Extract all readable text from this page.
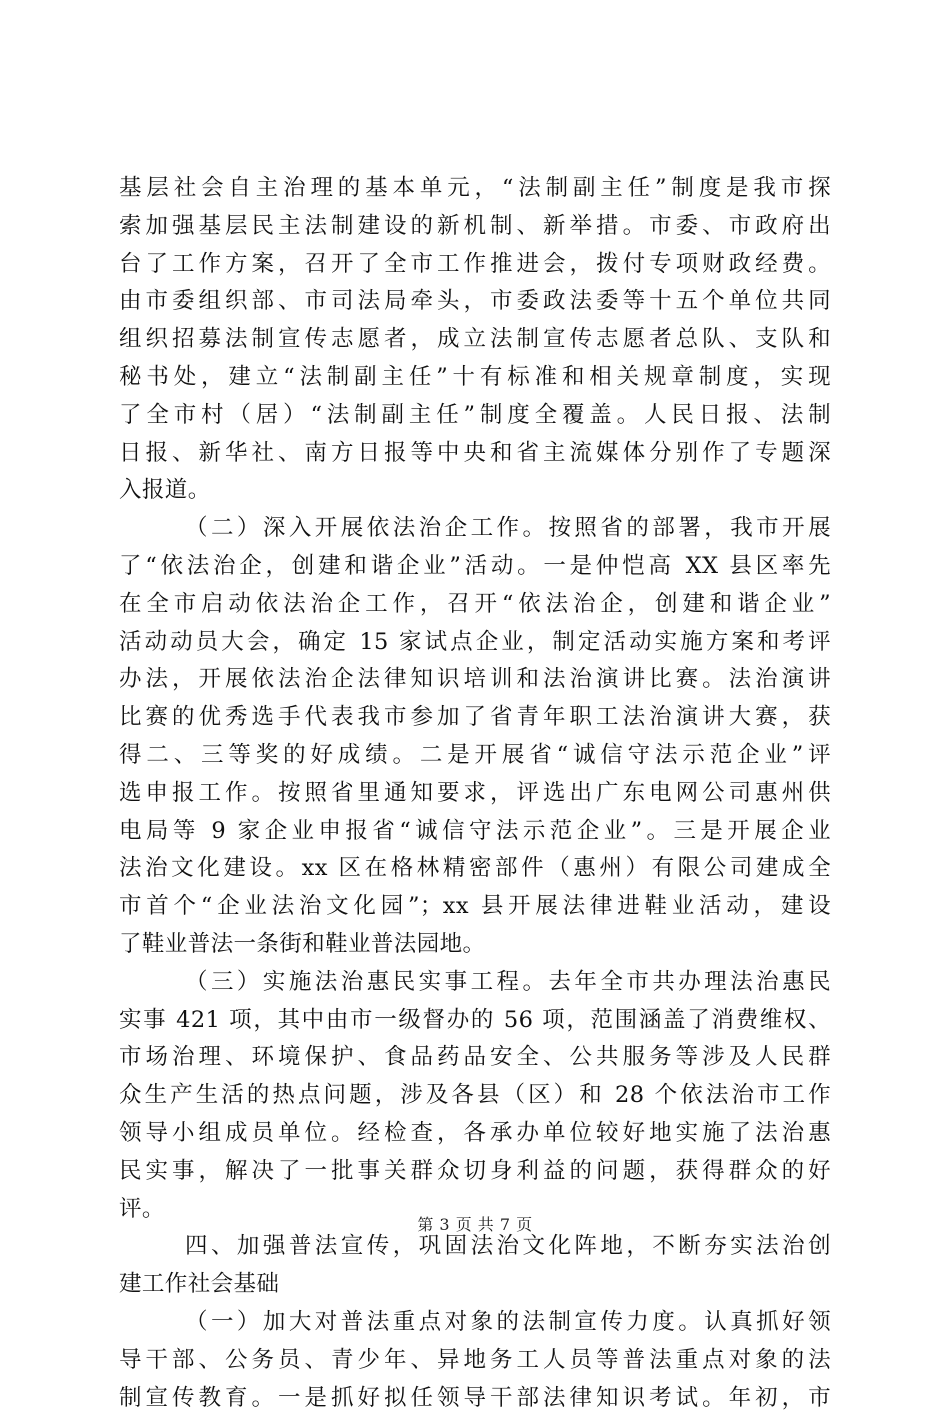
基层社会自主治理的基本单元，“法制副主任”制度是我市探
索加强基层民主法制建设的新机制、新举措。市委、市政府出
台了工作方案，召开了全市工作推进会，拨付专项财政经费。
由市委组织部、市司法局牵头，市委政法委等十五个单位共同
组织招募法制宣传志愿者，成立法制宣传志愿者总队、支队和
秘书处，建立“法制副主任”十有标准和相关规章制度，实现
了全市村（居）“法制副主任”制度全覆盖。人民日报、法制
日报、新华社、南方日报等中央和省主流媒体分别作了专题深
入报道。
（二）深入开展依法治企工作。按照省的部署，我市开展
了“依法治企，创建和谐企业”活动。一是仲恺高 XX 县区率先
在全市启动依法治企工作，召开“依法治企，创建和谐企业”
活动动员大会，确定 15 家试点企业，制定活动实施方案和考评
办法，开展依法治企法律知识培训和法治演讲比赛。法治演讲
比赛的优秀选手代表我市参加了省青年职工法治演讲大赛，获
得二、三等奖的好成绩。二是开展省“诚信守法示范企业”评
选申报工作。按照省里通知要求，评选出广东电网公司惠州供
电局等 9 家企业申报省“诚信守法示范企业”。三是开展企业
法治文化建设。xx 区在格林精密部件（惠州）有限公司建成全
市首个“企业法治文化园”；xx 县开展法律进鞋业活动，建设
了鞋业普法一条街和鞋业普法园地。
（三）实施法治惠民实事工程。去年全市共办理法治惠民
实事 421 项，其中由市一级督办的 56 项，范围涵盖了消费维权、
市场治理、环境保护、食品药品安全、公共服务等涉及人民群
众生产生活的热点问题，涉及各县（区）和 28 个依法治市工作
领导小组成员单位。经检查，各承办单位较好地实施了法治惠
民实事，解决了一批事关群众切身利益的问题，获得群众的好
评。
四、加强普法宣传，巩固法治文化阵地，不断夯实法治创
建工作社会基础
（一）加大对普法重点对象的法制宣传力度。认真抓好领
导干部、公务员、青少年、异地务工人员等普法重点对象的法
制宣传教育。一是抓好拟任领导干部法律知识考试。年初，市
第 3 页 共 7 页
